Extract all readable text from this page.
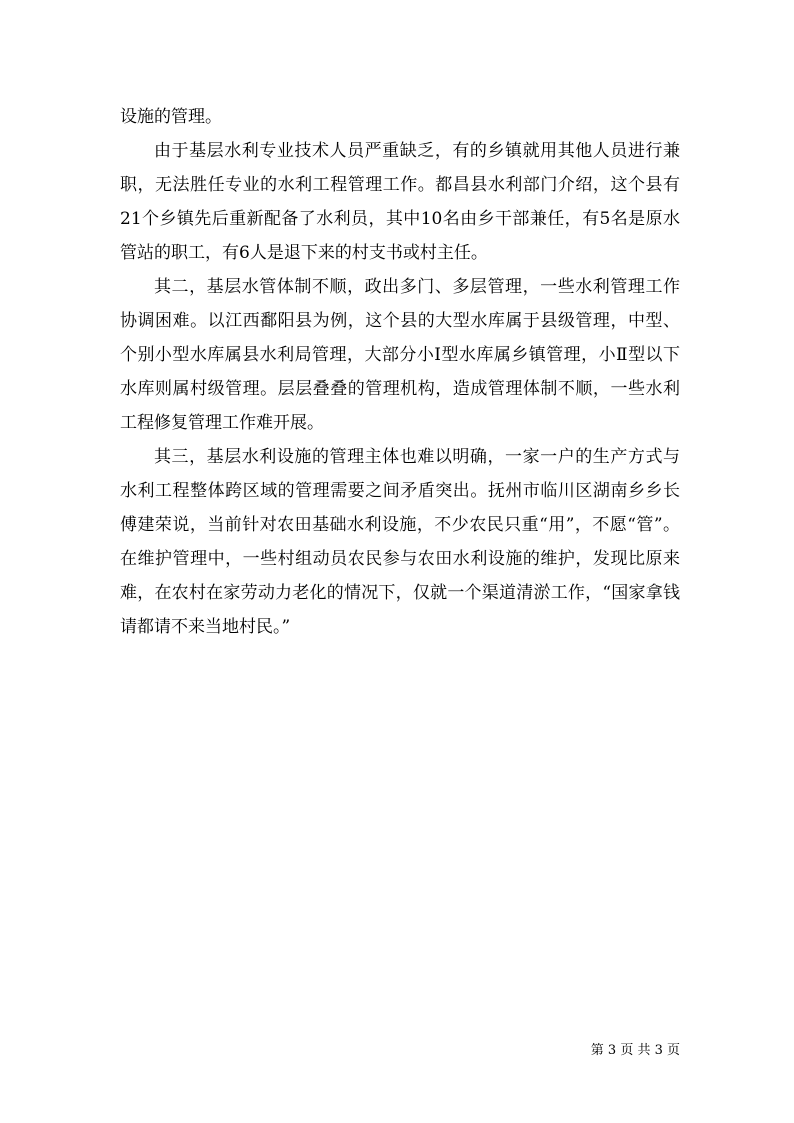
设施的管理。

由于基层水利专业技术人员严重缺乏，有的乡镇就用其他人员进行兼职，无法胜任专业的水利工程管理工作。都昌县水利部门介绍，这个县有21个乡镇先后重新配备了水利员，其中10名由乡干部兼任，有5名是原水管站的职工，有6人是退下来的村支书或村主任。

其二，基层水管体制不顺，政出多门、多层管理，一些水利管理工作协调困难。以江西鄱阳县为例，这个县的大型水库属于县级管理，中型、个别小型水库属县水利局管理，大部分小Ⅰ型水库属乡镇管理，小Ⅱ型以下水库则属村级管理。层层叠叠的管理机构，造成管理体制不顺，一些水利工程修复管理工作难开展。

其三，基层水利设施的管理主体也难以明确，一家一户的生产方式与水利工程整体跨区域的管理需要之间矛盾突出。抚州市临川区湖南乡乡长傅建荣说，当前针对农田基础水利设施，不少农民只重“用”，不愿“管”。在维护管理中，一些村组动员农民参与农田水利设施的维护，发现比原来难，在农村在家劳动力老化的情况下，仅就一个渠道清淤工作，“国家拿钱请都请不来当地村民。”

第 3 页 共 3 页
